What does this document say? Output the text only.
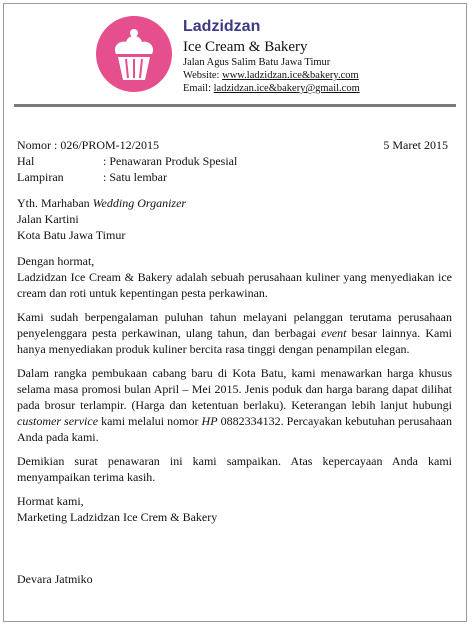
Ladzidzan
Ice Cream & Bakery
Jalan Agus Salim Batu Jawa Timur
Website: www.ladzidzan.ice&bakery.com
Email: ladzidzan.ice&bakery@gmail.com
Nomor : 026/PROM-12/2015	5 Maret 2015
Hal	: Penawaran Produk Spesial
Lampiran	: Satu lembar
Yth. Marhaban Wedding Organizer
Jalan Kartini
Kota Batu Jawa Timur
Dengan hormat,

Ladzidzan Ice Cream & Bakery adalah sebuah perusahaan kuliner yang menyediakan ice cream dan roti untuk kepentingan pesta perkawinan.

Kami sudah berpengalaman puluhan tahun melayani pelanggan terutama perusahaan penyelenggara pesta perkawinan, ulang tahun, dan berbagai event besar lainnya. Kami hanya menyediakan produk kuliner bercita rasa tinggi dengan penampilan elegan.

Dalam rangka pembukaan cabang baru di Kota Batu, kami menawarkan harga khusus selama masa promosi bulan April – Mei 2015. Jenis poduk dan harga barang dapat dilihat pada brosur terlampir. (Harga dan ketentuan berlaku). Keterangan lebih lanjut hubungi customer service kami melalui nomor HP 0882334132. Percayakan kebutuhan perusahaan Anda pada kami.

Demikian surat penawaran ini kami sampaikan. Atas kepercayaan Anda kami menyampaikan terima kasih.

Hormat kami,
Marketing Ladzidzan Ice Crem & Bakery
Devara Jatmiko
